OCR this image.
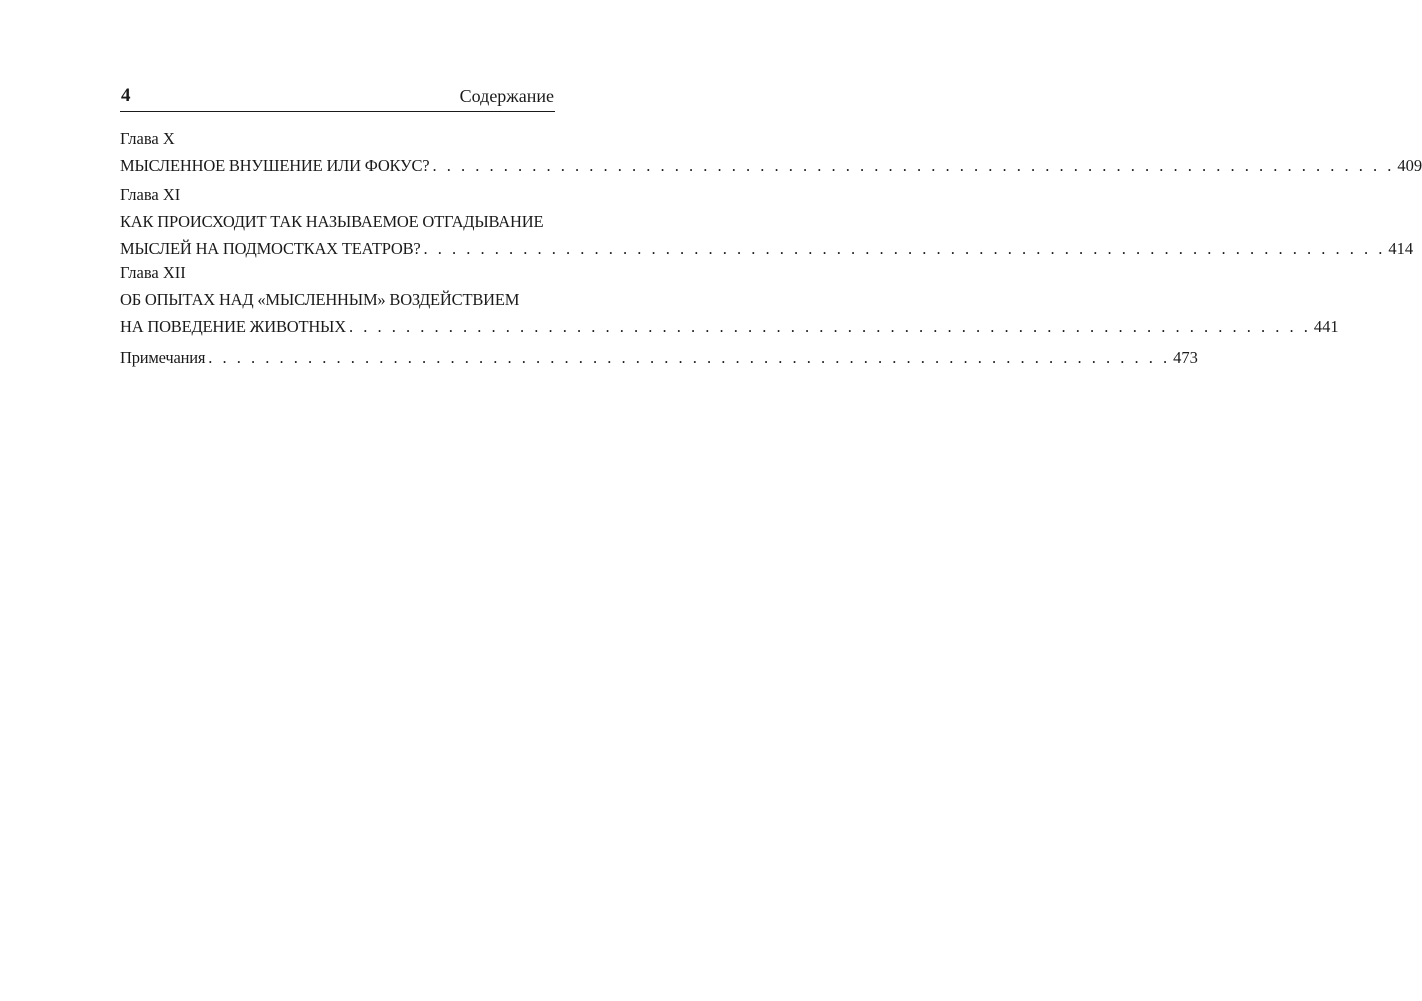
4	Содержание
Глава X
МЫСЛЕННОЕ ВНУШЕНИЕ ИЛИ ФОКУС? . . . . . . . . . . . . . . . . . . . . . . . . . . . . . . . . . . . . . . . . . . . . . . . . . . . . . . . . . . . . . . . . . . . . 409
Глава XI
КАК ПРОИСХОДИТ ТАК НАЗЫВАЕМОЕ ОТГАДЫВАНИЕ
МЫСЛЕЙ НА ПОДМОСТКАХ ТЕАТРОВ? . . . . . . . . . . . . . . . . . . . . . . . . . . . . . . . . . . . . . . . . . . . . . . . . . . . . . . . . . . . . . . . . . . . . 414
Глава XII
ОБ ОПЫТАХ НАД «МЫСЛЕННЫМ» ВОЗДЕЙСТВИЕМ
НА ПОВЕДЕНИЕ ЖИВОТНЫХ . . . . . . . . . . . . . . . . . . . . . . . . . . . . . . . . . . . . . . . . . . . . . . . . . . . . . . . . . . . . . . . . . . . . 441
Примечания . . . . . . . . . . . . . . . . . . . . . . . . . . . . . . . . . . . . . . . . . . . . . . . . . . . . . . . . . . . . . . . . . . . . 473
